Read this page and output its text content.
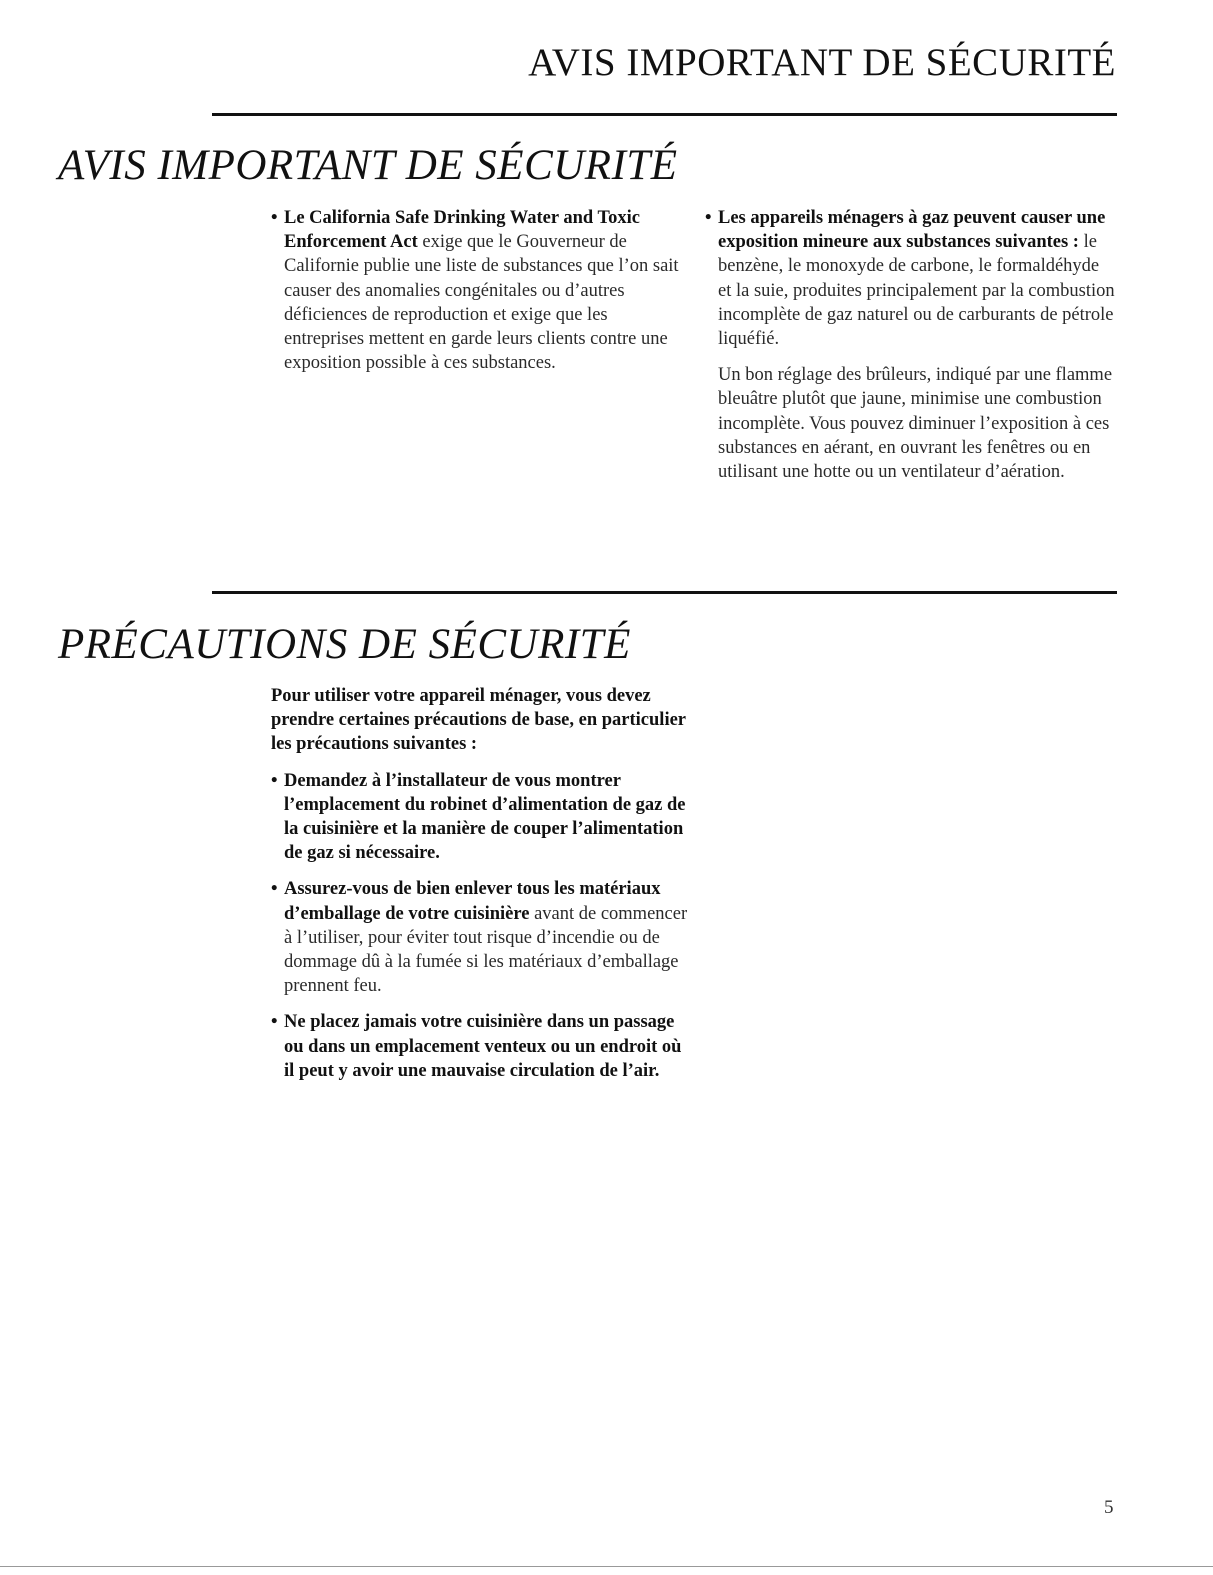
AVIS IMPORTANT DE SÉCURITÉ
AVIS IMPORTANT DE SÉCURITÉ

• Le California Safe Drinking Water and Toxic Enforcement Act exige que le Gouverneur de Californie publie une liste de substances que l’on sait causer des anomalies congénitales ou d’autres déficiences de reproduction et exige que les entreprises mettent en garde leurs clients contre une exposition possible à ces substances.

• Les appareils ménagers à gaz peuvent causer une exposition mineure aux substances suivantes : le benzène, le monoxyde de carbone, le formaldéhyde et la suie, produites principalement par la combustion incomplète de gaz naturel ou de carburants de pétrole liquéfié.

Un bon réglage des brûleurs, indiqué par une flamme bleuâtre plutôt que jaune, minimise une combustion incomplète. Vous pouvez diminuer l’exposition à ces substances en aérant, en ouvrant les fenêtres ou en utilisant une hotte ou un ventilateur d’aération.

PRÉCAUTIONS DE SÉCURITÉ

Pour utiliser votre appareil ménager, vous devez prendre certaines précautions de base, en particulier les précautions suivantes :

• Demandez à l’installateur de vous montrer l’emplacement du robinet d’alimentation de gaz de la cuisinière et la manière de couper l’alimentation de gaz si nécessaire.

• Assurez-vous de bien enlever tous les matériaux d’emballage de votre cuisinière avant de commencer à l’utiliser, pour éviter tout risque d’incendie ou de dommage dû à la fumée si les matériaux d’emballage prennent feu.

• Ne placez jamais votre cuisinière dans un passage ou dans un emplacement venteux ou un endroit où il peut y avoir une mauvaise circulation de l’air.

5
